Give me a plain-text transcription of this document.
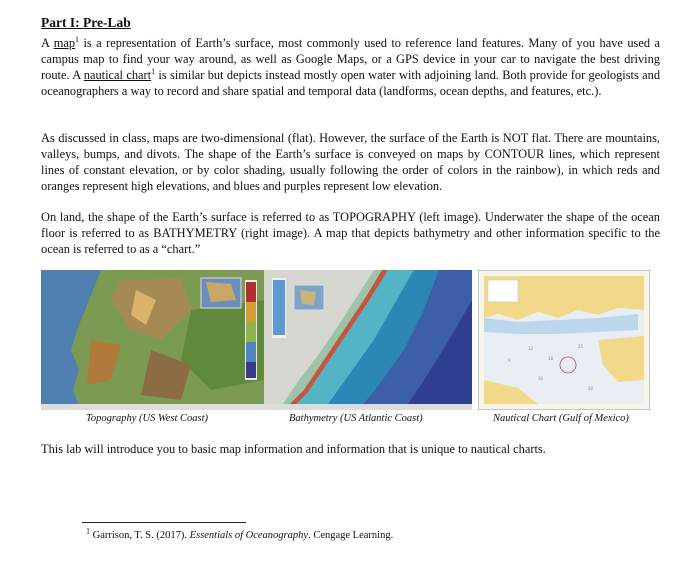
Part I: Pre-Lab

A map$^1$ is a representation of Earth’s surface, most commonly used to reference land features. Many of you have used a campus map to find your way around, as well as Google Maps, or a GPS device in your car to navigate the best driving route. A nautical chart$^1$ is similar but depicts instead mostly open water with adjoining land. Both provide for geologists and oceanographers a way to record and share spatial and temporal data (landforms, ocean depths, and features, etc.).

As discussed in class, maps are two-dimensional (flat). However, the surface of the Earth is NOT flat. There are mountains, valleys, bumps, and divots. The shape of the Earth’s surface is conveyed on maps by CONTOUR lines, which represent lines of constant elevation, or by color shading, usually following the order of colors in the rainbow), in which reds and oranges represent high elevations, and blues and purples represent low elevation.

On land, the shape of the Earth’s surface is referred to as TOPOGRAPHY (left image). Underwater the shape of the ocean floor is referred to as BATHYMETRY (right image). A map that depicts bathymetry and other information specific to the ocean is referred to as a “chart.”

12
18
25
30
40
9
Topography (US West Coast)	Bathymetry (US Atlantic Coast)	Nautical Chart (Gulf of Mexico)

This lab will introduce you to basic map information and information that is unique to nautical charts.

$^1$ Garrison, T. S. (2017). Essentials of Oceanography. Cengage Learning.
